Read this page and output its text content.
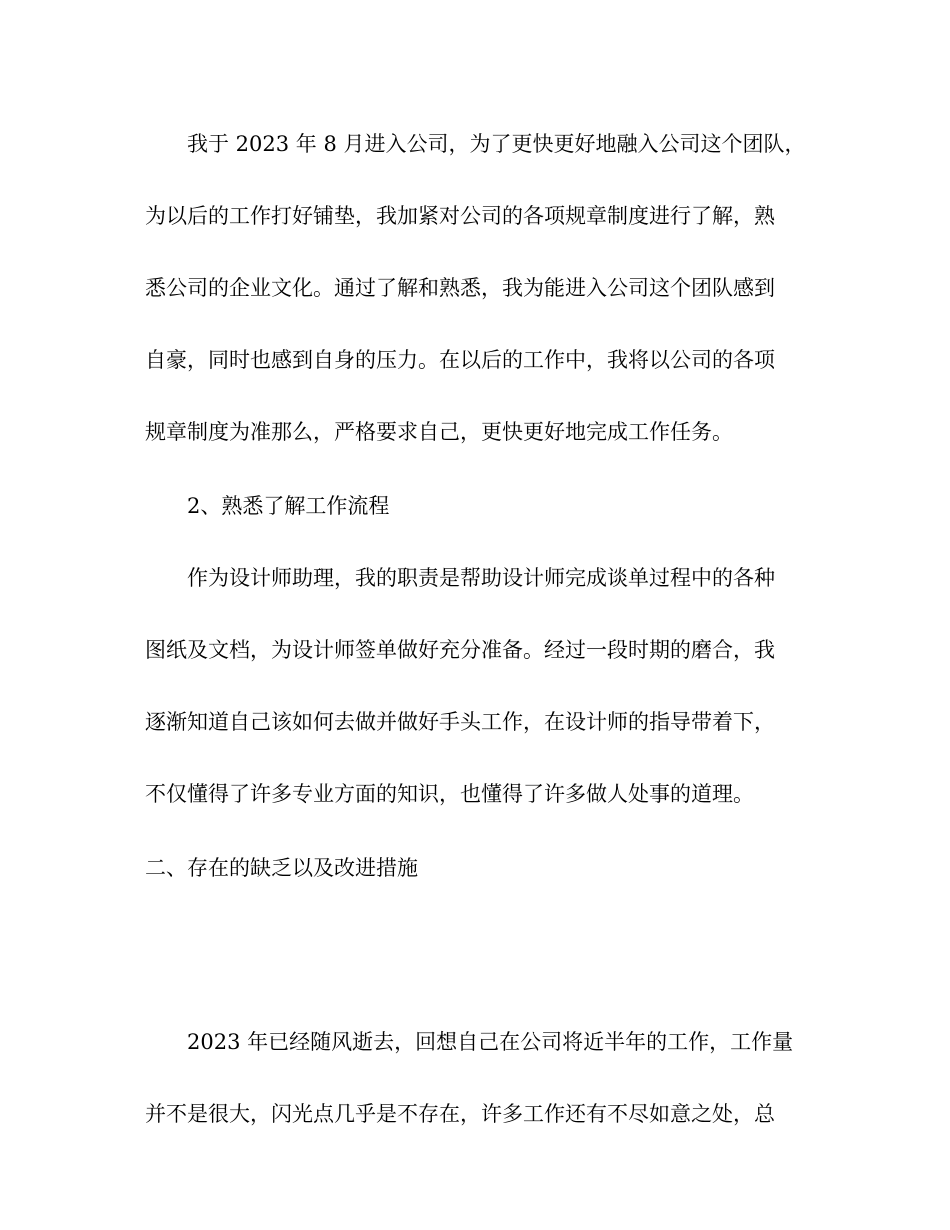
我于 2023 年 8 月进入公司，为了更快更好地融入公司这个团队，
为以后的工作打好铺垫，我加紧对公司的各项规章制度进行了解，熟
悉公司的企业文化。通过了解和熟悉，我为能进入公司这个团队感到
自豪，同时也感到自身的压力。在以后的工作中，我将以公司的各项
规章制度为准那么，严格要求自己，更快更好地完成工作任务。
2、熟悉了解工作流程
作为设计师助理，我的职责是帮助设计师完成谈单过程中的各种
图纸及文档，为设计师签单做好充分准备。经过一段时期的磨合，我
逐渐知道自己该如何去做并做好手头工作，在设计师的指导带着下，
不仅懂得了许多专业方面的知识，也懂得了许多做人处事的道理。
二、存在的缺乏以及改进措施
2023 年已经随风逝去，回想自己在公司将近半年的工作，工作量
并不是很大，闪光点几乎是不存在，许多工作还有不尽如意之处，总
